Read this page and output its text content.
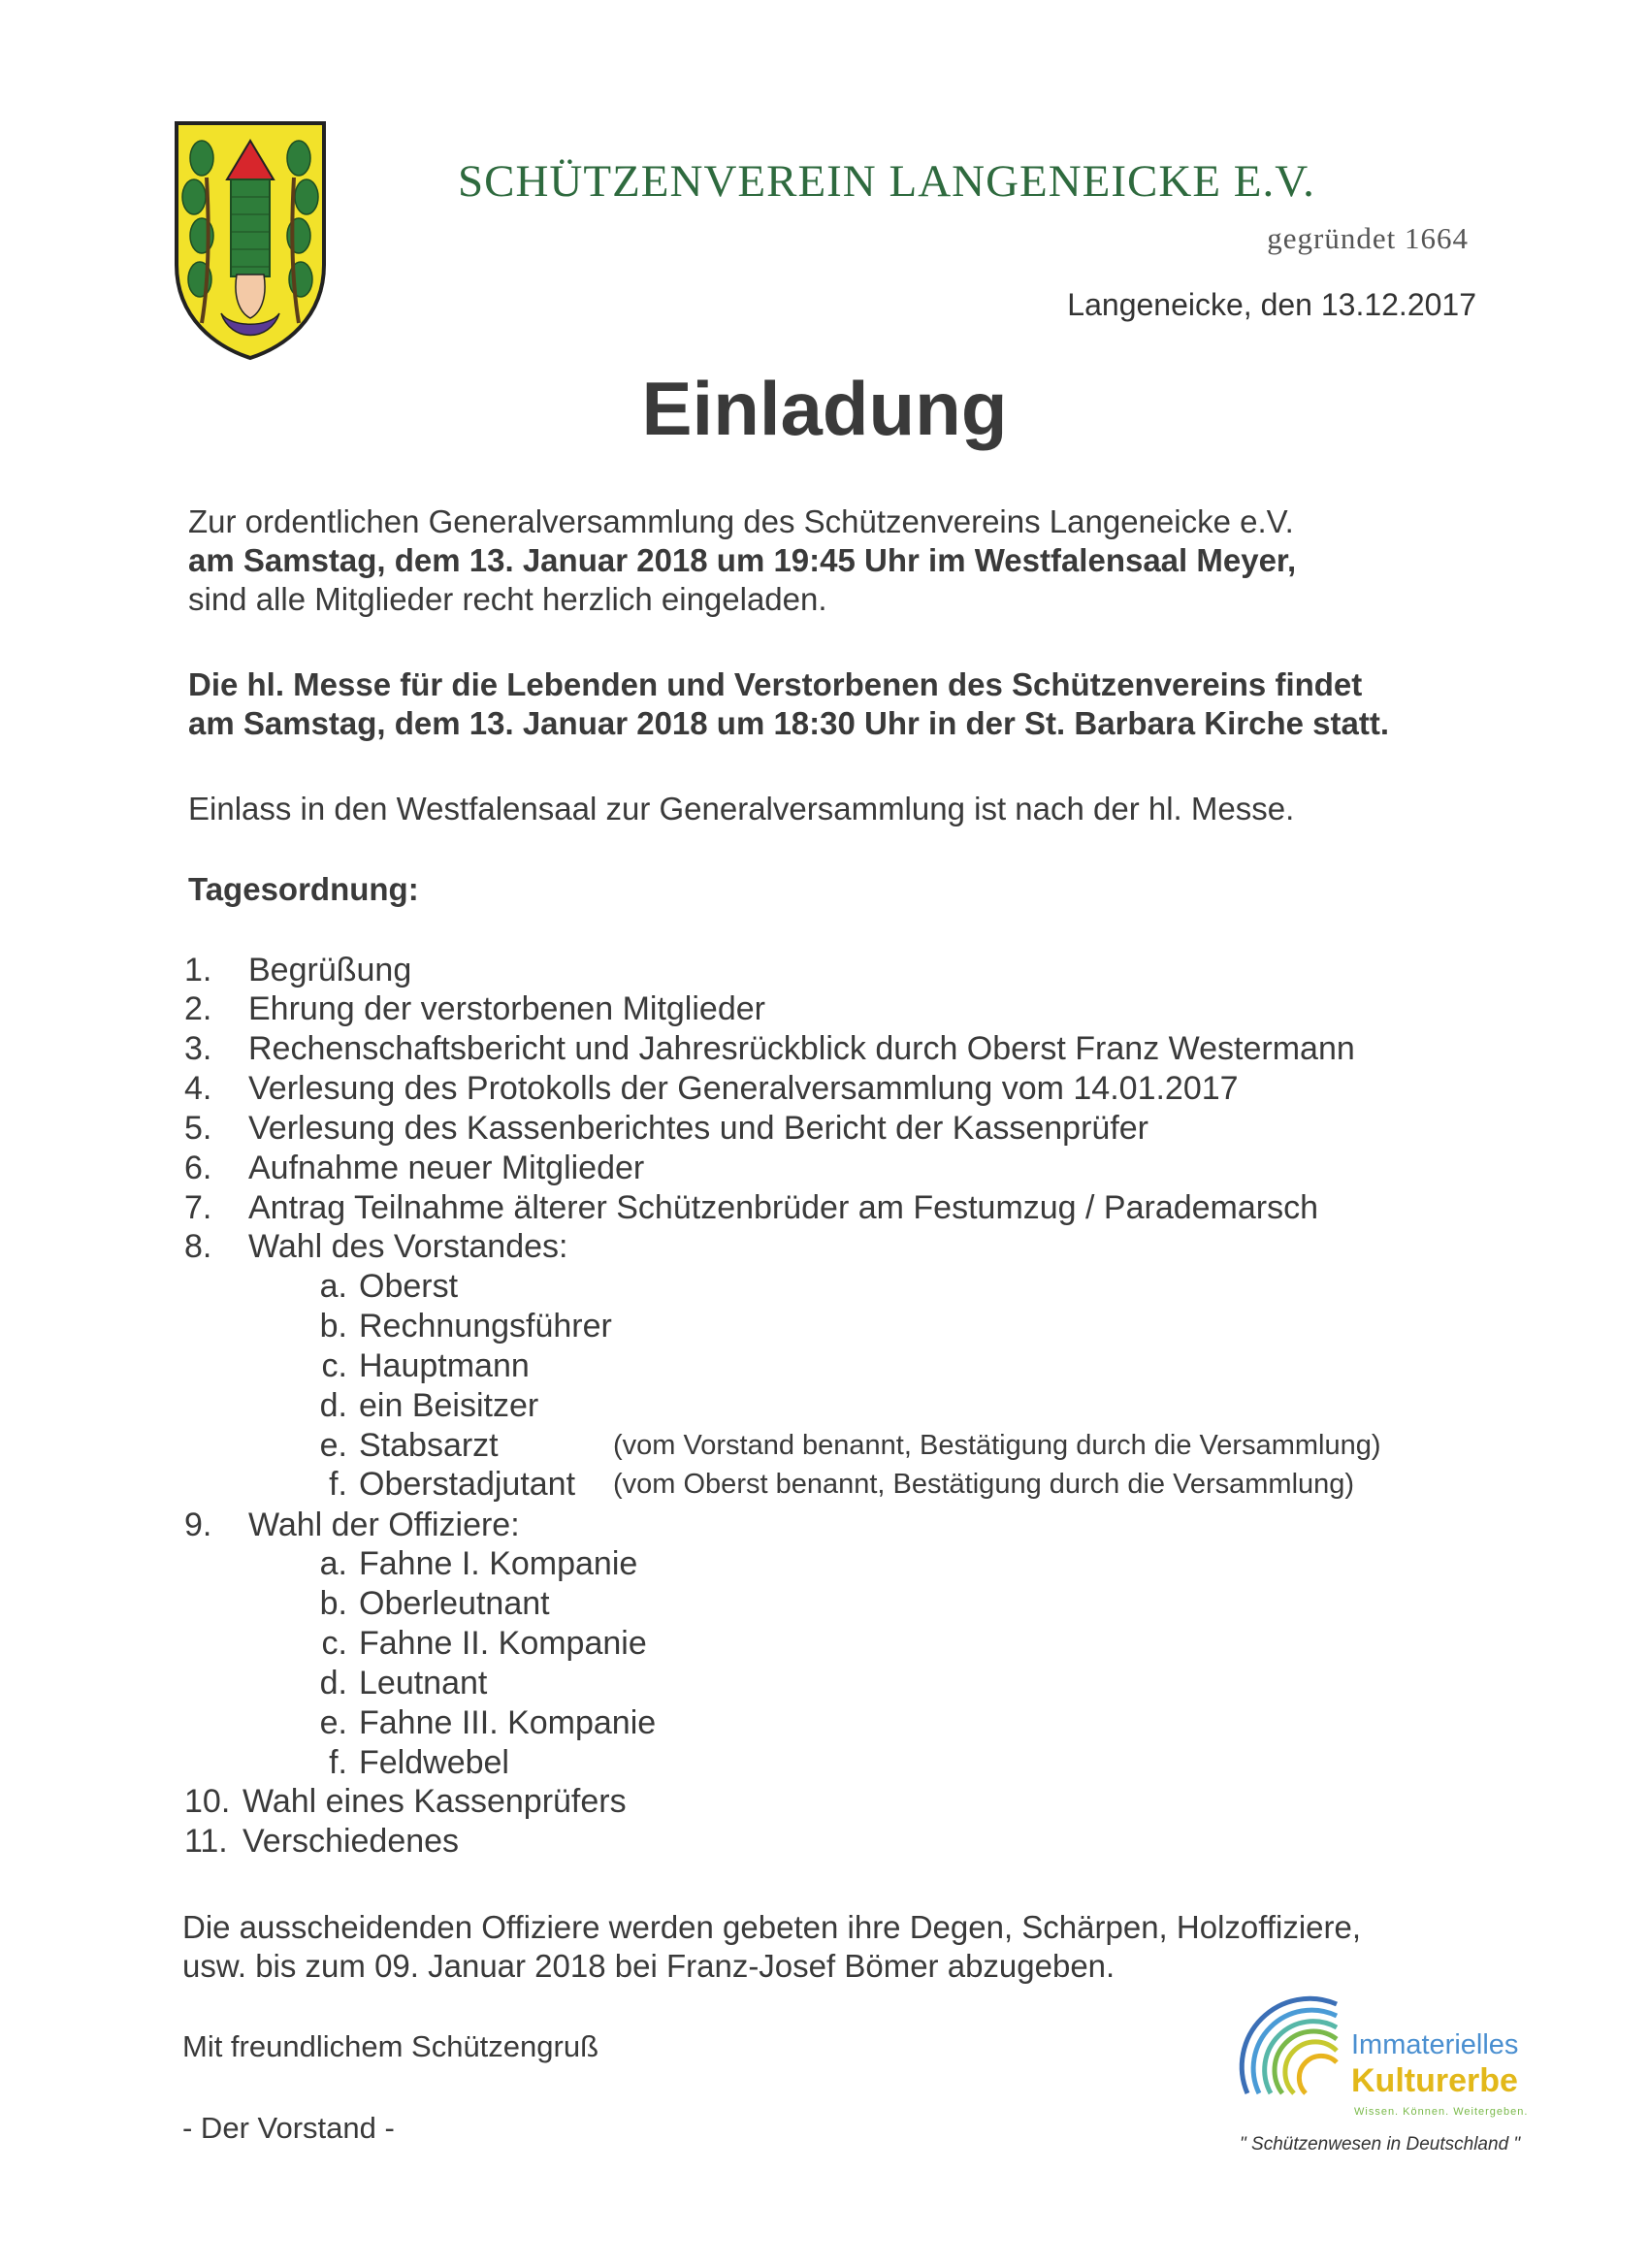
SCHÜTZENVEREIN LANGENEICKE E.V.
gegründet 1664
Langeneicke, den 13.12.2017
Einladung
Zur ordentlichen Generalversammlung des Schützenvereins Langeneicke e.V.
am Samstag, dem 13. Januar 2018 um 19:45 Uhr im Westfalensaal Meyer,
sind alle Mitglieder recht herzlich eingeladen.
Die hl. Messe für die Lebenden und Verstorbenen des Schützenvereins findet
am Samstag, dem 13. Januar 2018 um 18:30 Uhr in der St. Barbara Kirche statt.
Einlass in den Westfalensaal zur Generalversammlung ist nach der hl. Messe.
Tagesordnung:
1.	Begrüßung
2.	Ehrung der verstorbenen Mitglieder
3.	Rechenschaftsbericht und Jahresrückblick durch Oberst Franz Westermann
4.	Verlesung des Protokolls der Generalversammlung vom 14.01.2017
5.	Verlesung des Kassenberichtes und Bericht der Kassenprüfer
6.	Aufnahme neuer Mitglieder
7.	Antrag Teilnahme älterer Schützenbrüder am Festumzug / Parademarsch
8.	Wahl des Vorstandes:
a. Oberst
b. Rechnungsführer
c. Hauptmann
d. ein Beisitzer
e. Stabsarzt	(vom Vorstand benannt, Bestätigung durch die Versammlung)
f. Oberstadjutant (vom Oberst benannt, Bestätigung durch die Versammlung)
9.	Wahl der Offiziere:
a. Fahne I. Kompanie
b. Oberleutnant
c. Fahne II. Kompanie
d. Leutnant
e. Fahne III. Kompanie
f. Feldwebel
10. Wahl eines Kassenprüfers
11. Verschiedenes
Die ausscheidenden Offiziere werden gebeten ihre Degen, Schärpen, Holzoffiziere,
usw. bis zum 09. Januar 2018 bei Franz-Josef Bömer abzugeben.
Mit freundlichem Schützengruß
- Der Vorstand -
Immaterielles
Kulturerbe
Wissen. Können. Weitergeben.
" Schützenwesen in Deutschland "
